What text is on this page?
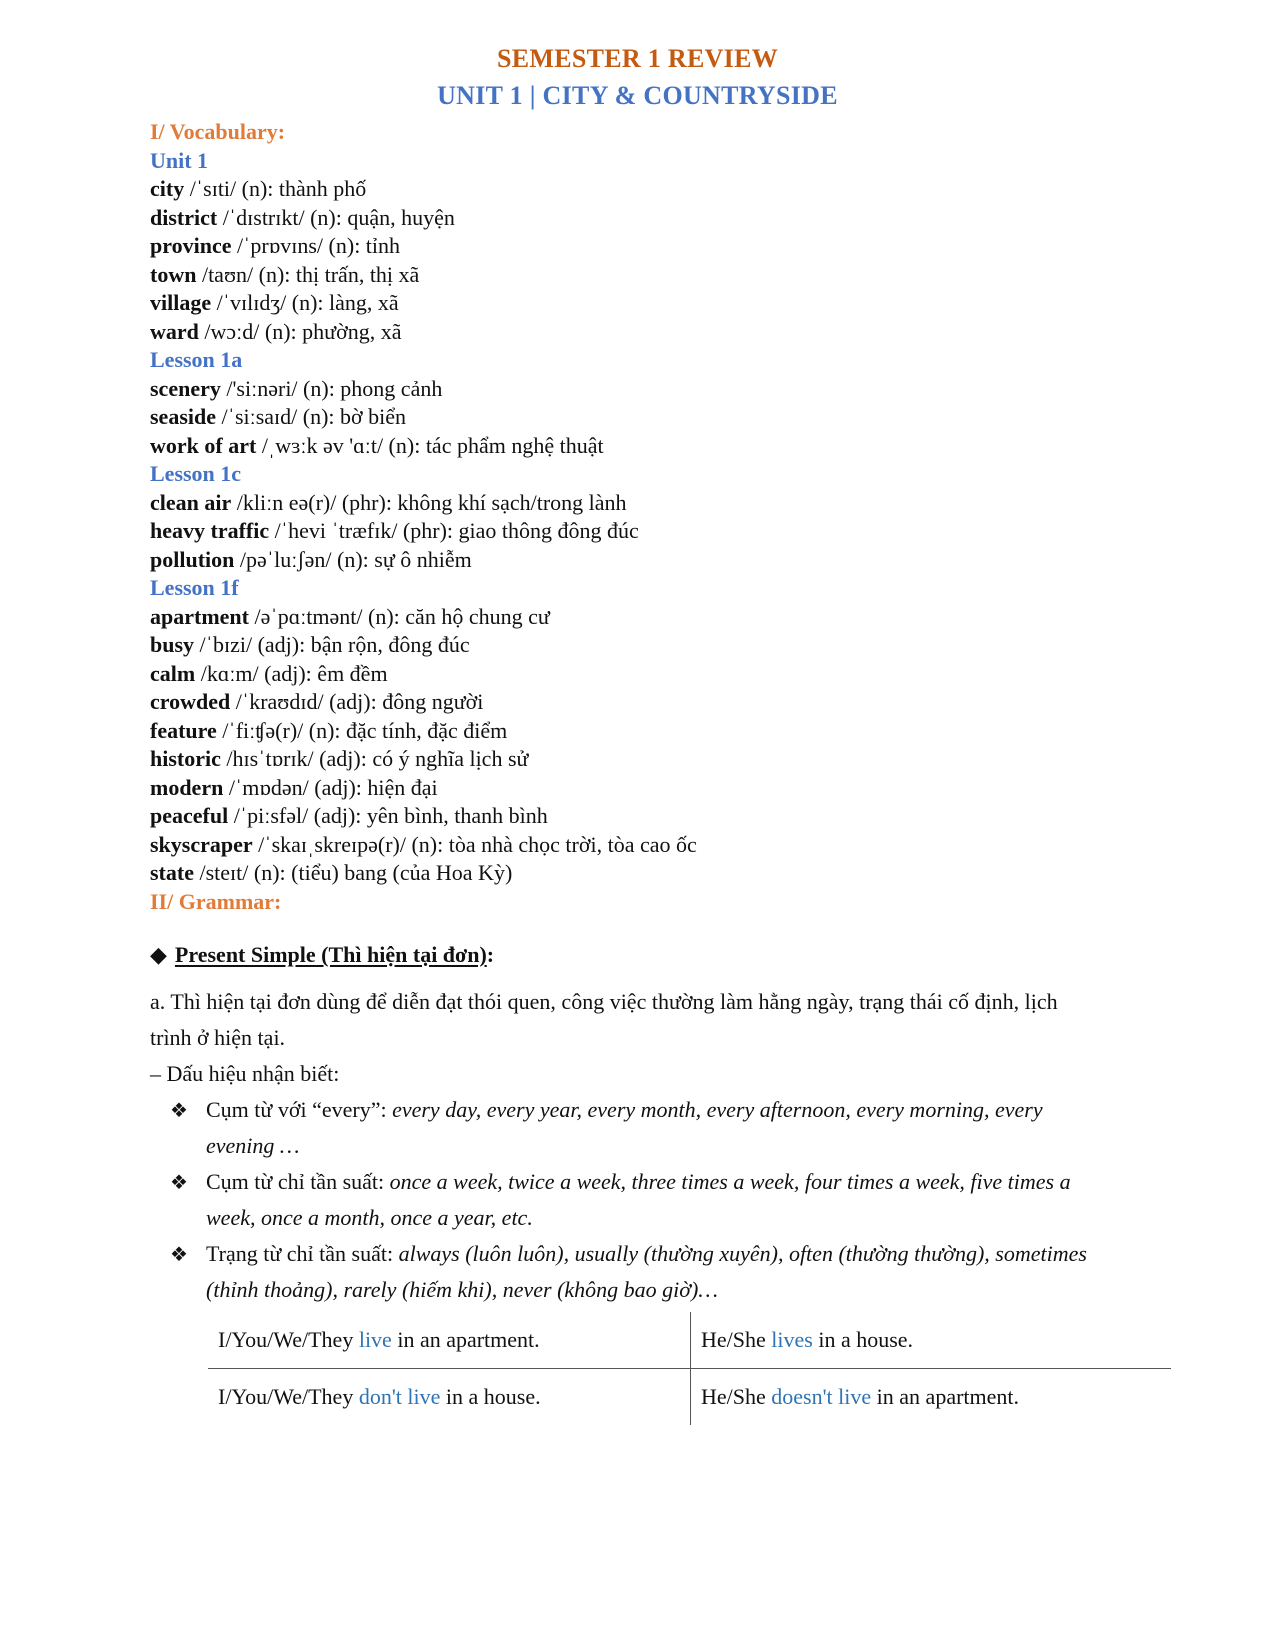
SEMESTER 1 REVIEW
UNIT 1 | CITY & COUNTRYSIDE
I/ Vocabulary:
Unit 1
city /ˈsɪti/ (n): thành phố
district /ˈdɪstrɪkt/ (n): quận, huyện
province /ˈprɒvɪns/ (n): tỉnh
town /taʊn/ (n): thị trấn, thị xã
village /ˈvɪlɪdʒ/ (n): làng, xã
ward /wɔːd/ (n): phường, xã
Lesson 1a
scenery /'siːnəri/ (n): phong cảnh
seaside /ˈsiːsaɪd/ (n): bờ biển
work of art /ˌwɜːk əv 'ɑːt/ (n): tác phẩm nghệ thuật
Lesson 1c
clean air /kliːn eə(r)/ (phr): không khí sạch/trong lành
heavy traffic /ˈhevi ˈtræfɪk/ (phr): giao thông đông đúc
pollution /pəˈluːʃən/ (n): sự ô nhiễm
Lesson 1f
apartment /əˈpɑːtmənt/ (n): căn hộ chung cư
busy /ˈbɪzi/ (adj): bận rộn, đông đúc
calm /kɑːm/ (adj): êm đềm
crowded /ˈkraʊdɪd/ (adj): đông người
feature /ˈfiːʧə(r)/ (n): đặc tính, đặc điểm
historic /hɪsˈtɒrɪk/ (adj): có ý nghĩa lịch sử
modern /ˈmɒdən/ (adj): hiện đại
peaceful /ˈpiːsfəl/ (adj): yên bình, thanh bình
skyscraper /ˈskaɪˌskreɪpə(r)/ (n): tòa nhà chọc trời, tòa cao ốc
state /steɪt/ (n): (tiểu) bang (của Hoa Kỳ)
II/ Grammar:
◆ Present Simple (Thì hiện tại đơn):
a. Thì hiện tại đơn dùng để diễn đạt thói quen, công việc thường làm hằng ngày, trạng thái cố định, lịch trình ở hiện tại.
– Dấu hiệu nhận biết:
❖ Cụm từ với “every”: every day, every year, every month, every afternoon, every morning, every evening …
❖ Cụm từ chỉ tần suất: once a week, twice a week, three times a week, four times a week, five times a week, once a month, once a year, etc.
❖ Trạng từ chỉ tần suất: always (luôn luôn), usually (thường xuyên), often (thường thường), sometimes (thỉnh thoảng), rarely (hiếm khi), never (không bao giờ)…
I/You/We/They live in an apartment.	He/She lives in a house.
I/You/We/They don't live in a house.	He/She doesn't live in an apartment.
